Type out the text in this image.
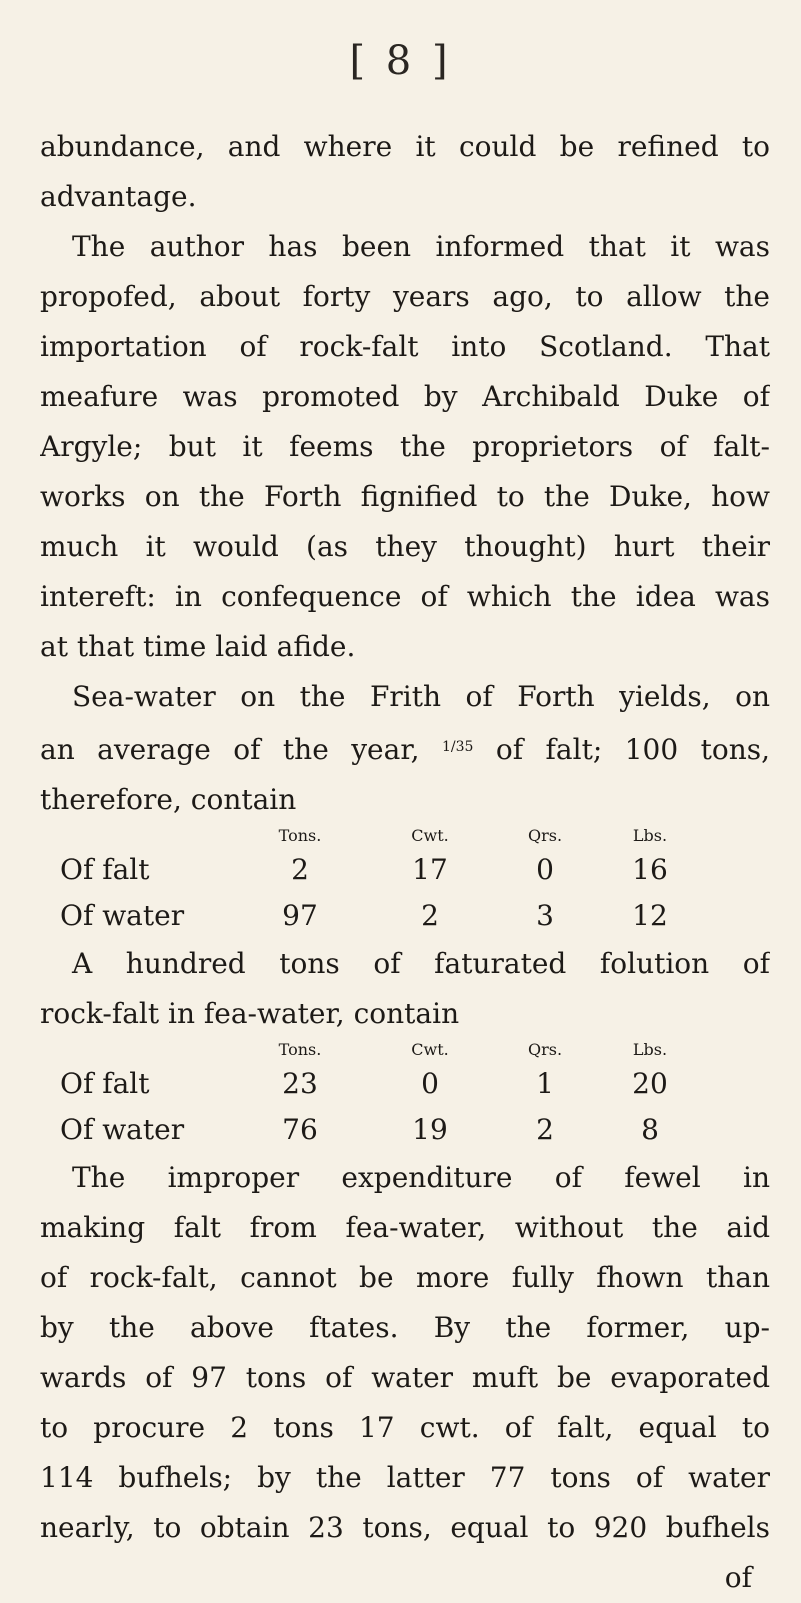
[ 8 ]
abundance, and where it could be refined to
advantage.
The author has been informed that it was
propofed, about forty years ago, to allow the
importation of rock-falt into Scotland. That
meafure was promoted by Archibald Duke of
Argyle; but it feems the proprietors of falt-
works on the Forth fignified to the Duke, how
much it would (as they thought) hurt their
intereft: in confequence of which the idea was
at that time laid afide.
Sea-water on the Frith of Forth yields, on
an average of the year, $^{1/35}$ of falt; 100 tons,
therefore, contain
Tons.	Cwt.	Qrs.	Lbs.
Of falt	2	17	0	16
Of water	97	2	3	12
A hundred tons of faturated folution of
rock-falt in fea-water, contain
Tons.	Cwt.	Qrs.	Lbs.
Of falt	23	0	1	20
Of water	76	19	2	8
The improper expenditure of fewel in
making falt from fea-water, without the aid
of rock-falt, cannot be more fully fhown than
by the above ftates. By the former, up-
wards of 97 tons of water muft be evaporated
to procure 2 tons 17 cwt. of falt, equal to
114 bufhels; by the latter 77 tons of water
nearly, to obtain 23 tons, equal to 920 bufhels
of
